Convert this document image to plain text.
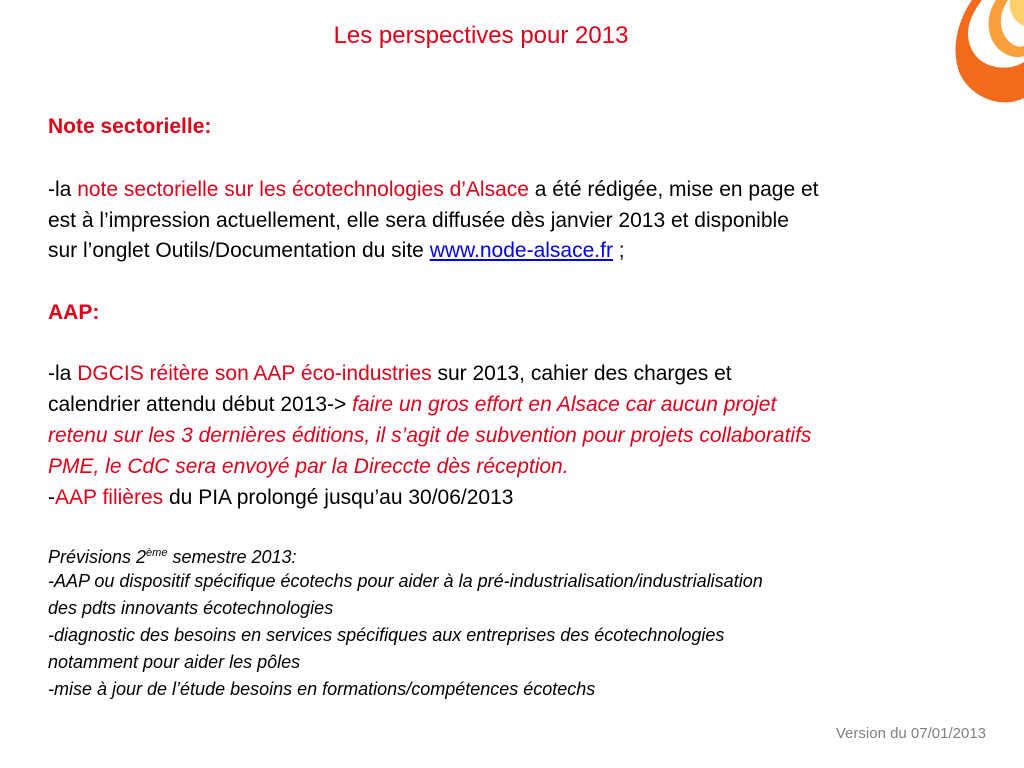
Les perspectives pour 2013
Note sectorielle:
-la note sectorielle sur les écotechnologies d’Alsace a été rédigée, mise en page et
est à l’impression actuellement, elle sera diffusée dès janvier 2013 et disponible
sur l’onglet Outils/Documentation du site www.node-alsace.fr ;
AAP:
-la DGCIS réitère son AAP éco-industries sur 2013, cahier des charges et
calendrier attendu début 2013-> faire un gros effort en Alsace car aucun projet
retenu sur les 3 dernières éditions, il s’agit de subvention pour projets collaboratifs
PME, le CdC sera envoyé par la Direccte dès réception.
-AAP filières du PIA prolongé jusqu’au 30/06/2013
Prévisions 2ème semestre 2013:
-AAP ou dispositif spécifique écotechs pour aider à la pré-industrialisation/industrialisation
des pdts innovants écotechnologies
-diagnostic des besoins en services spécifiques aux entreprises des écotechnologies
notamment pour aider les pôles
-mise à jour de l’étude besoins en formations/compétences écotechs
Version du 07/01/2013
